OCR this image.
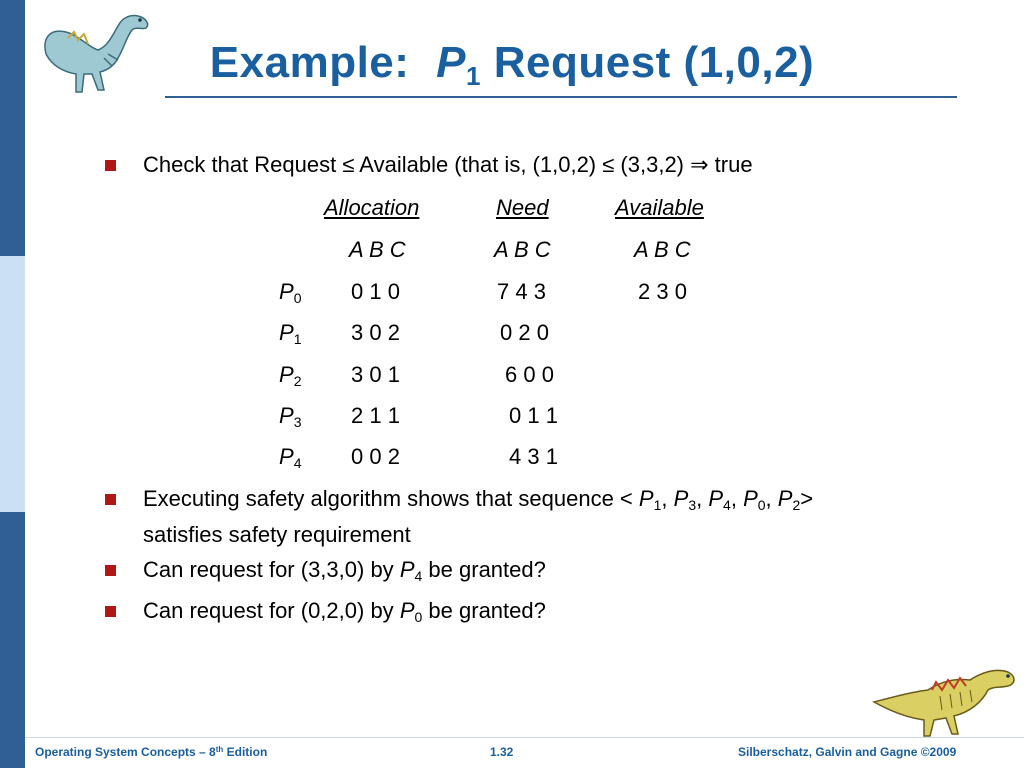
Example: $P_1$ Request (1,0,2)
Check that Request ≤ Available (that is, (1,0,2) ≤ (3,3,2) ⇒ true
Allocation	Need	Available
A B C	A B C	A B C
$P_0$ 0 1 0	7 4 3	2 3 0
$P_1$ 3 0 2	0 2 0
$P_2$ 3 0 1	6 0 0
$P_3$ 2 1 1	0 1 1
$P_4$ 0 0 2	4 3 1
Executing safety algorithm shows that sequence < $P_1$, $P_3$, $P_4$, $P_0$, $P_2>$
satisfies safety requirement
Can request for (3,3,0) by $P_4$ be granted?
Can request for (0,2,0) by $P_0$ be granted?
Operating System Concepts – 8th Edition	1.32	Silberschatz, Galvin and Gagne ©2009
